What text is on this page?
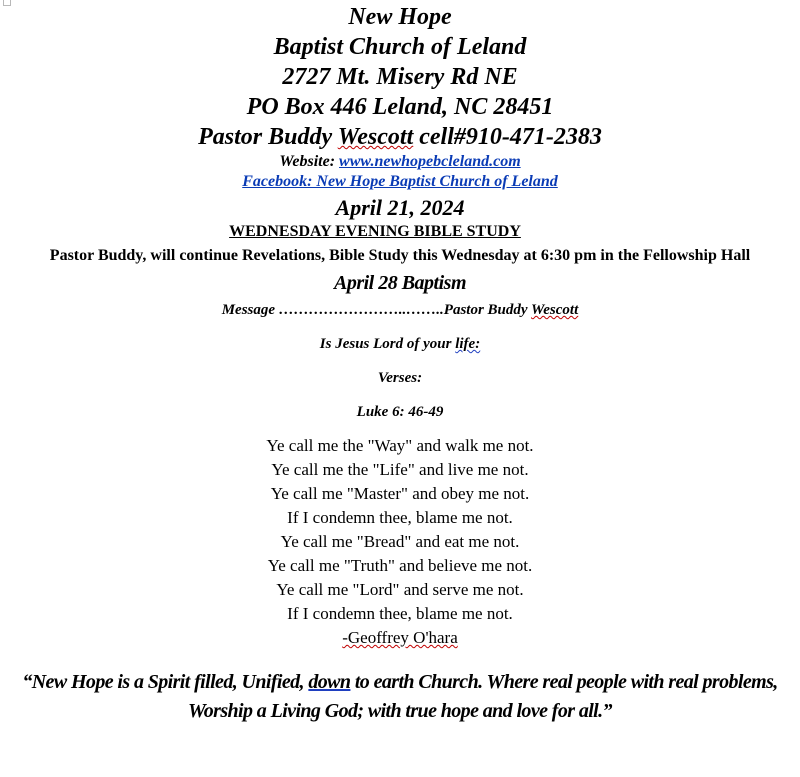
New Hope

Baptist Church of Leland

2727 Mt. Misery Rd NE

PO Box 446 Leland, NC 28451

Pastor Buddy Wescott cell#910-471-2383

Website: www.newhopebcleland.com

Facebook: New Hope Baptist Church of Leland

April 21, 2024

WEDNESDAY EVENING BIBLE STUDY

Pastor Buddy, will continue Revelations, Bible Study this Wednesday at 6:30 pm in the Fellowship Hall

April 28 Baptism

Message ……………………..……..Pastor Buddy Wescott

Is Jesus Lord of your life:

Verses:

Luke 6: 46-49

Ye call me the "Way" and walk me not.

Ye call me the "Life" and live me not.

Ye call me "Master" and obey me not.

If I condemn thee, blame me not.

Ye call me "Bread" and eat me not.

Ye call me "Truth" and believe me not.

Ye call me "Lord" and serve me not.

If I condemn thee, blame me not.

-Geoffrey O'hara

“New Hope is a Spirit filled, Unified, down to earth Church. Where real people with real problems, Worship a Living God; with true hope and love for all.”
